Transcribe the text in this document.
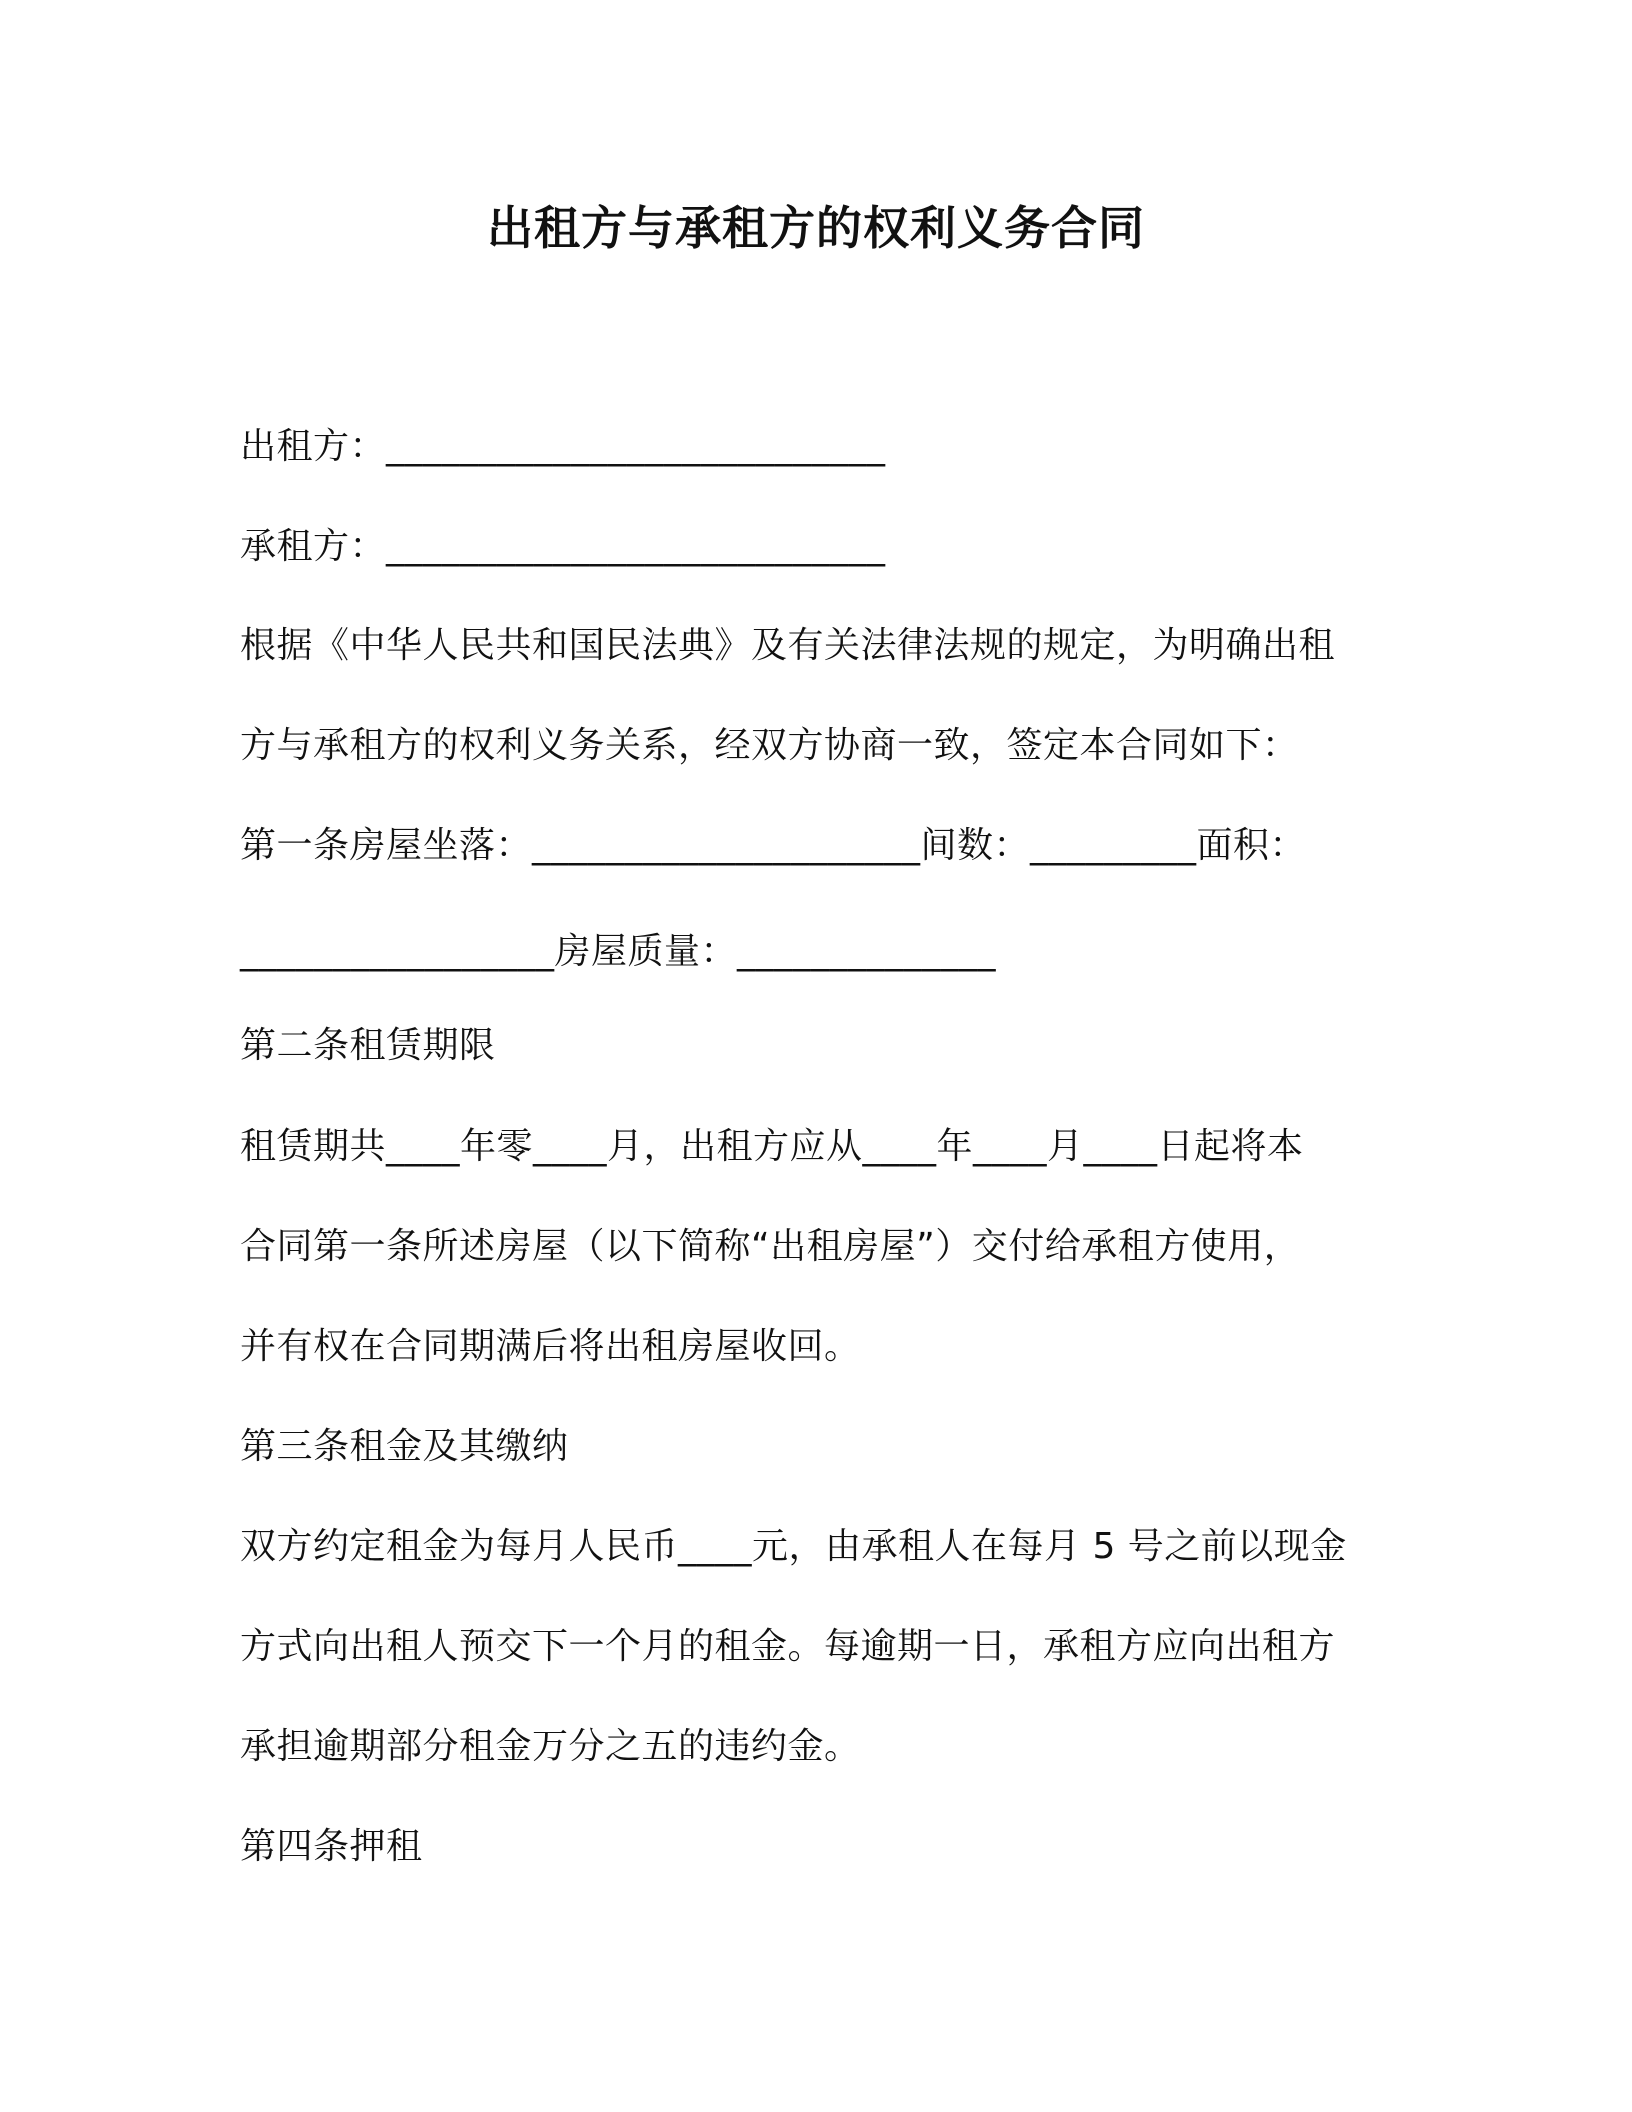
出租方与承租方的权利义务合同
出租方：___________________________
承租方：___________________________
根据《中华人民共和国民法典》及有关法律法规的规定，为明确出租
方与承租方的权利义务关系，经双方协商一致，签定本合同如下：
第一条房屋坐落：_____________________间数：_________面积：
_________________房屋质量：______________
第二条租赁期限
租赁期共____年零____月，出租方应从____年____月____日起将本
合同第一条所述房屋（以下简称“出租房屋”）交付给承租方使用，
并有权在合同期满后将出租房屋收回。
第三条租金及其缴纳
双方约定租金为每月人民币____元，由承租人在每月 5 号之前以现金
方式向出租人预交下一个月的租金。每逾期一日，承租方应向出租方
承担逾期部分租金万分之五的违约金。
第四条押租
